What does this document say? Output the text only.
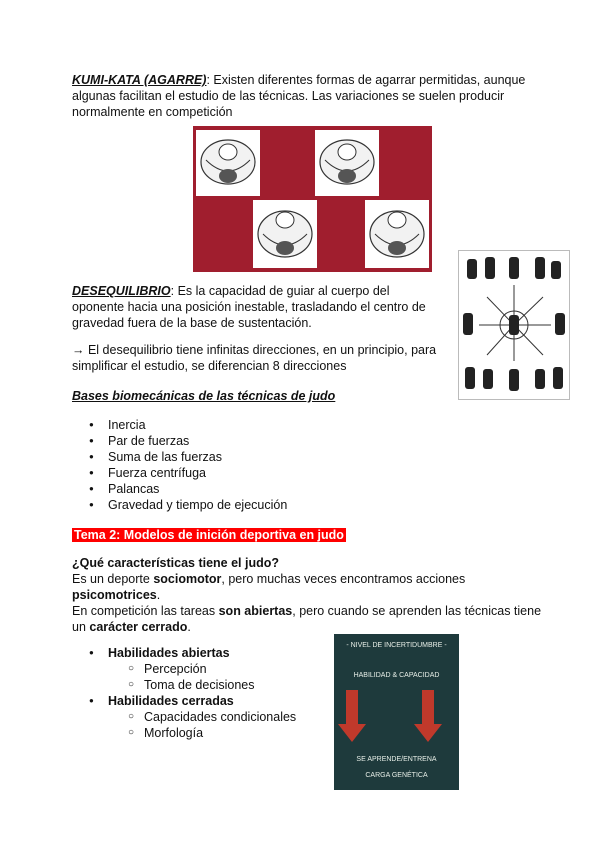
KUMI-KATA (AGARRE): Existen diferentes formas de agarrar permitidas, aunque algunas facilitan el estudio de las técnicas. Las variaciones se suelen producir normalmente en competición
DESEQUILIBRIO: Es la capacidad de guiar al cuerpo del oponente hacia una posición inestable, trasladando el centro de gravedad fuera de la base de sustentación.
→ El desequilibrio tiene infinitas direcciones, en un principio, para simplificar el estudio, se diferencian 8 direcciones
Bases biomecánicas de las técnicas de judo
● Inercia
● Par de fuerzas
● Suma de las fuerzas
● Fuerza centrífuga
● Palancas
● Gravedad y tiempo de ejecución
Tema 2: Modelos de inición deportiva en judo
¿Qué características tiene el judo?
Es un deporte sociomotor, pero muchas veces encontramos acciones
psicomotrices.
En competición las tareas son abiertas, pero cuando se aprenden las técnicas tiene
un carácter cerrado.
● Habilidades abiertas
○ Percepción
○ Toma de decisiones
● Habilidades cerradas
○ Capacidades condicionales
○ Morfología
- NIVEL DE INCERTIDUMBRE -
HABILIDAD & CAPACIDAD
SE APRENDE/ENTRENA
CARGA GENÉTICA
